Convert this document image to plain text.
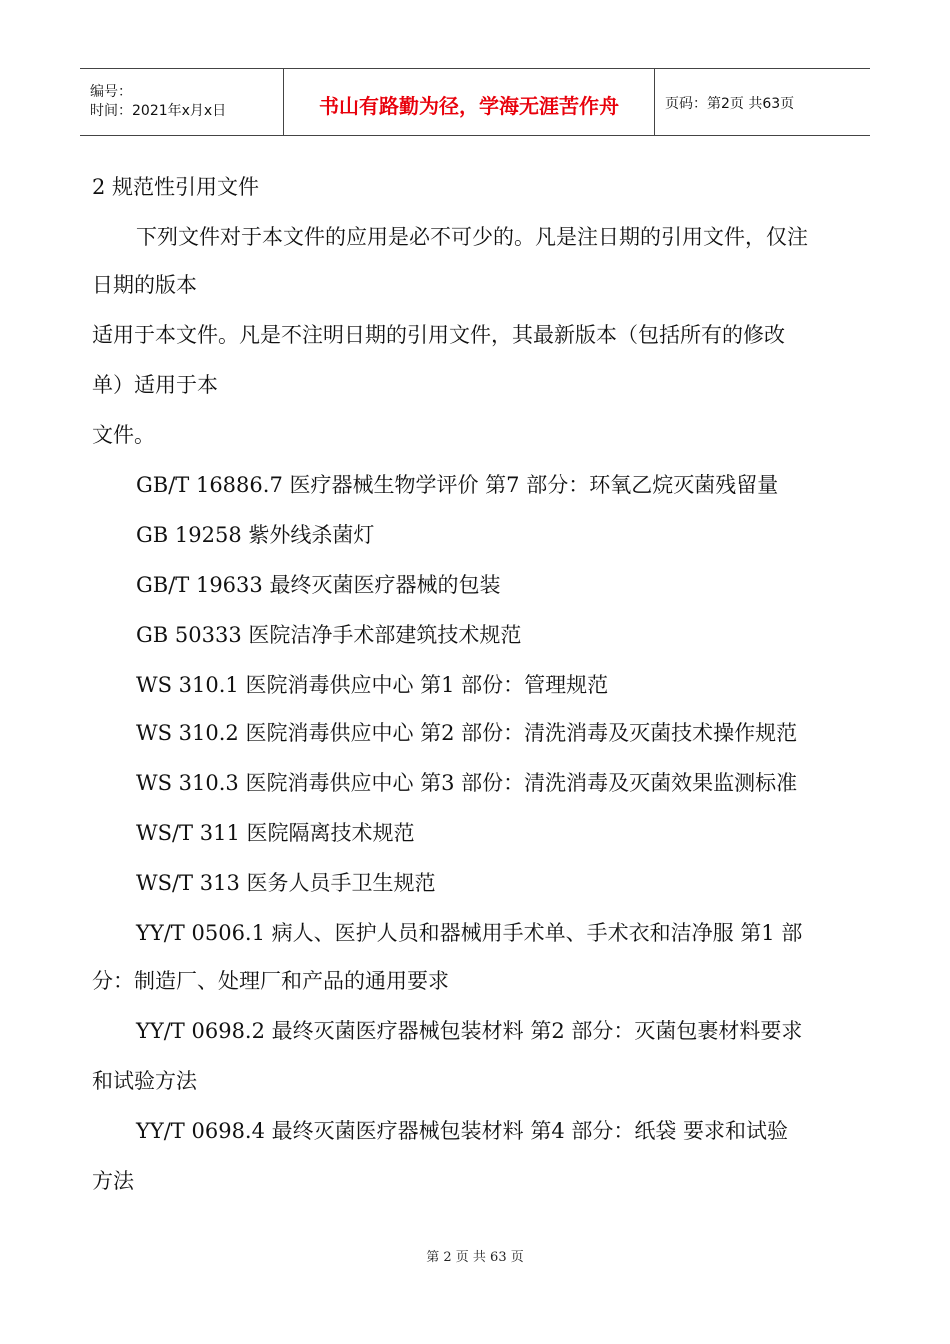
编号：
时间：2021年x月x日	书山有路勤为径，学海无涯苦作舟	页码：第2页 共63页
2 规范性引用文件
下列文件对于本文件的应用是必不可少的。凡是注日期的引用文件，仅注
日期的版本
适用于本文件。凡是不注明日期的引用文件，其最新版本（包括所有的修改
单）适用于本
文件。
GB/T 16886.7 医疗器械生物学评价 第7 部分：环氧乙烷灭菌残留量
GB 19258 紫外线杀菌灯
GB/T 19633 最终灭菌医疗器械的包装
GB 50333 医院洁净手术部建筑技术规范
WS 310.1 医院消毒供应中心 第1 部份：管理规范
WS 310.2 医院消毒供应中心 第2 部份：清洗消毒及灭菌技术操作规范
WS 310.3 医院消毒供应中心 第3 部份：清洗消毒及灭菌效果监测标准
WS/T 311 医院隔离技术规范
WS/T 313 医务人员手卫生规范
YY/T 0506.1 病人、医护人员和器械用手术单、手术衣和洁净服 第1 部
分：制造厂、处理厂和产品的通用要求
YY/T 0698.2 最终灭菌医疗器械包装材料 第2 部分：灭菌包裹材料要求
和试验方法
YY/T 0698.4 最终灭菌医疗器械包装材料 第4 部分：纸袋 要求和试验
方法
第 2 页 共 63 页
